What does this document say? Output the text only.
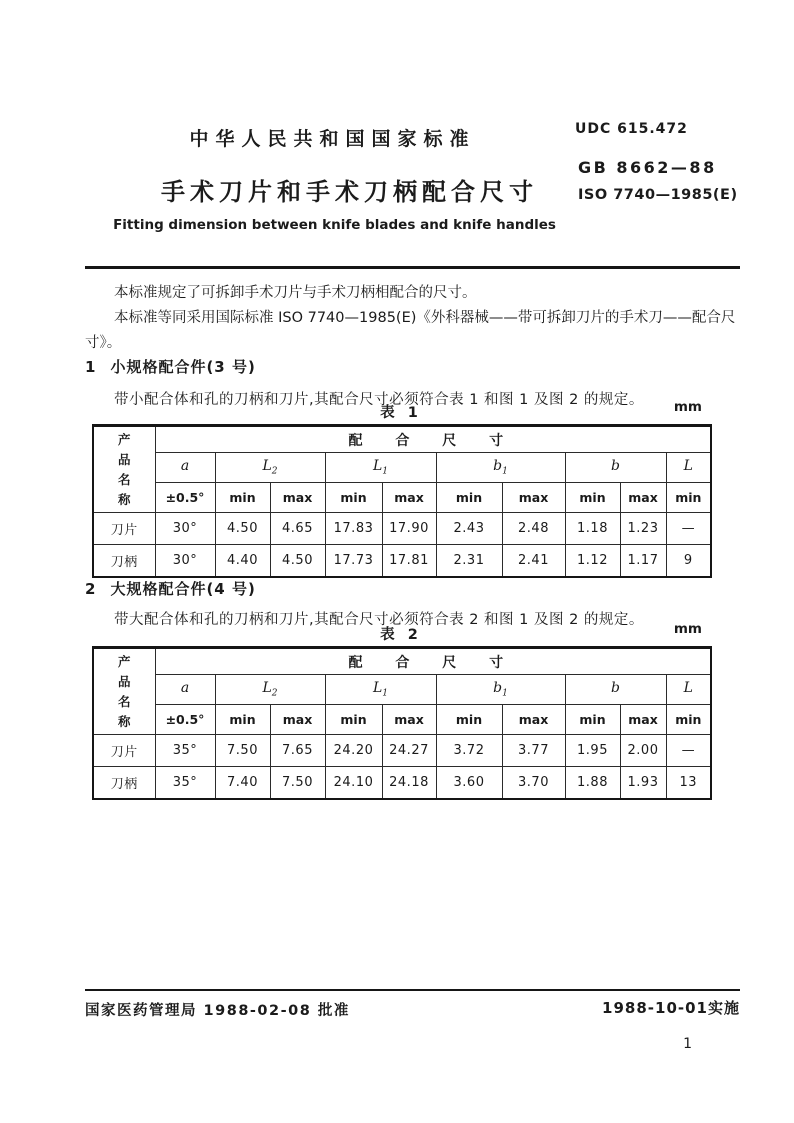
中华人民共和国国家标准	UDC 615.472
手术刀片和手术刀柄配合尺寸
GB 8662—88
ISO 7740—1985(E)
Fitting dimension between knife blades and knife handles

本标准规定了可拆卸手术刀片与手术刀柄相配合的尺寸。

本标准等同采用国际标准 ISO 7740—1985(E)《外科器械——带可拆卸刀片的手术刀——配合尺寸》。

1 小规格配合件(3 号)
带小配合体和孔的刀柄和刀片,其配合尺寸必须符合表 1 和图 1 及图 2 的规定。
表 1	mm
产
品
名
称	配 合 尺 寸									
	a	$L_2$		$L_1$		$b_1$		b		L
	±0.5°	min	max	min	max	min	max	min	max	min
刀片	30°	4.50	4.65	17.83	17.90	2.43	2.48	1.18	1.23	—
刀柄	30°	4.40	4.50	17.73	17.81	2.31	2.41	1.12	1.17	9
2 大规格配合件(4 号)
带大配合体和孔的刀柄和刀片,其配合尺寸必须符合表 2 和图 1 及图 2 的规定。
表 2	mm
产
品
名
称	配 合 尺 寸									
	a	$L_2$		$L_1$		$b_1$		b		L
	±0.5°	min	max	min	max	min	max	min	max	min
刀片	35°	7.50	7.65	24.20	24.27	3.72	3.77	1.95	2.00	—
刀柄	35°	7.40	7.50	24.10	24.18	3.60	3.70	1.88	1.93	13
国家医药管理局 1988-02-08 批准	1988-10-01实施
1
